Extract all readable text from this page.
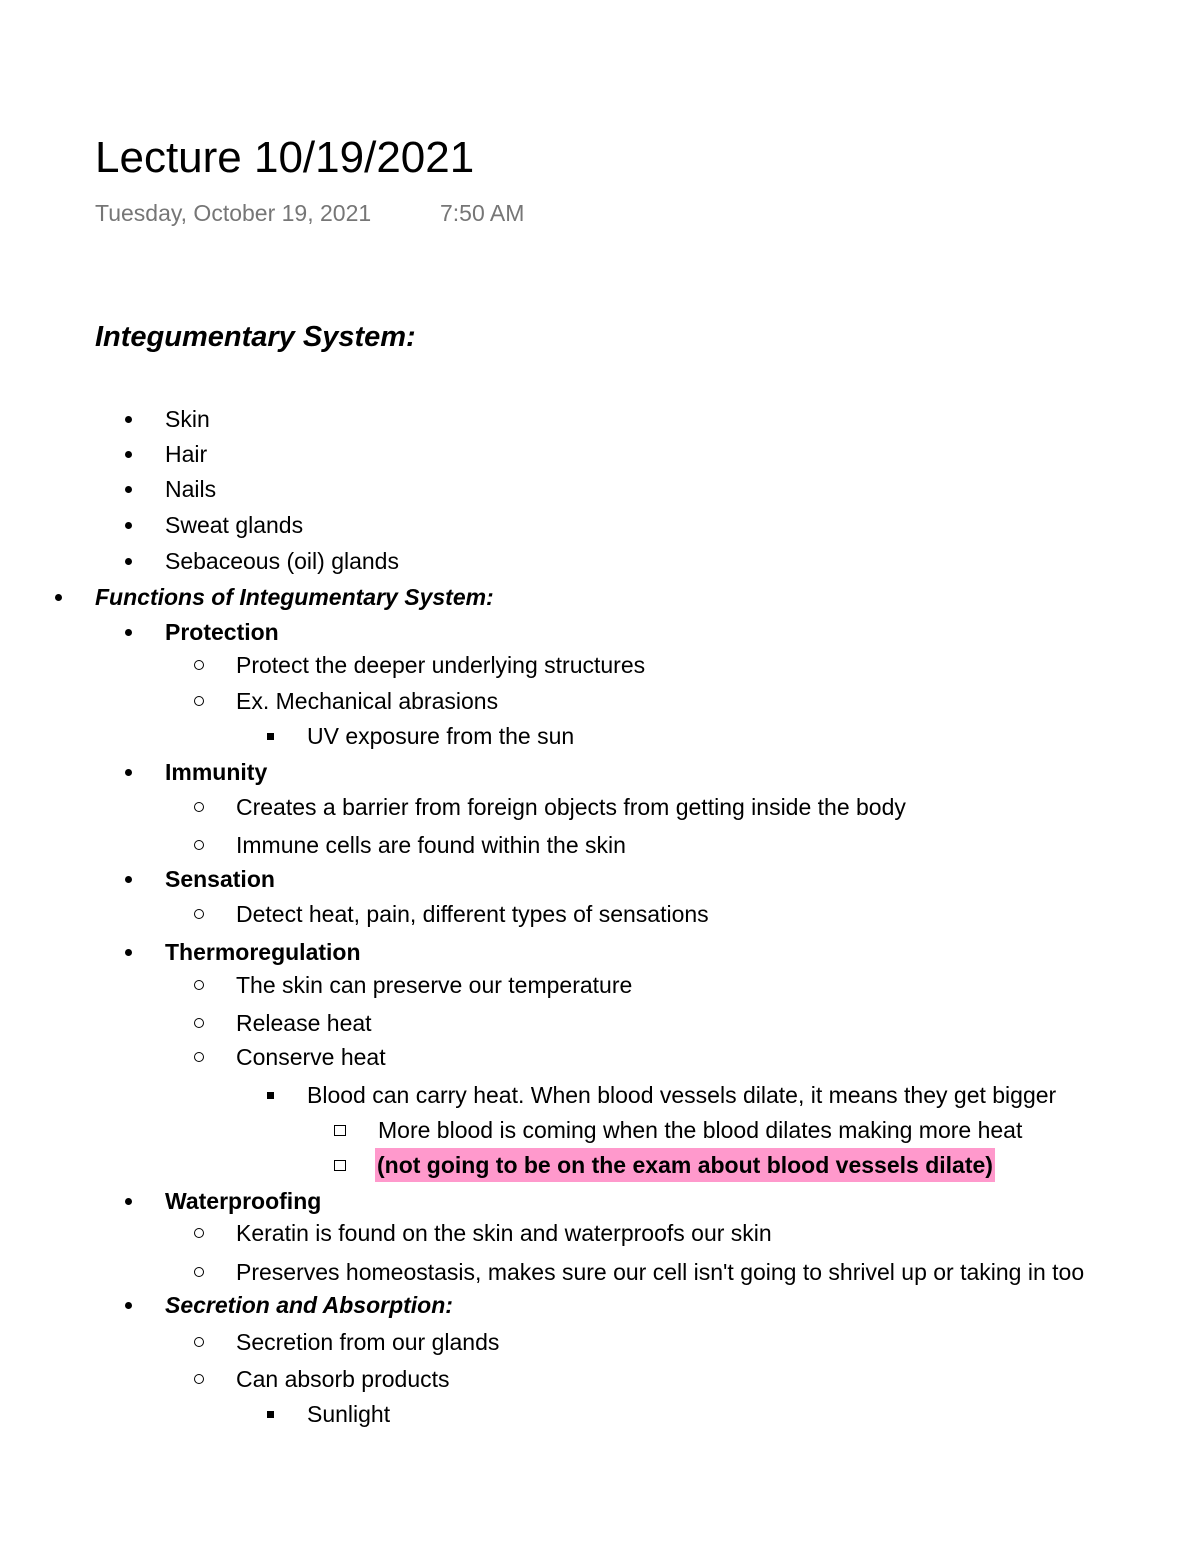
Lecture 10/19/2021
Tuesday, October 19, 2021	7:50 AM
Integumentary System:
Skin
Hair
Nails
Sweat glands
Sebaceous (oil) glands
Functions of Integumentary System:
Protection
Protect the deeper underlying structures
Ex. Mechanical abrasions
UV exposure from the sun
Immunity
Creates a barrier from foreign objects from getting inside the body
Immune cells are found within the skin
Sensation
Detect heat, pain, different types of sensations
Thermoregulation
The skin can preserve our temperature
Release heat
Conserve heat
Blood can carry heat. When blood vessels dilate, it means they get bigger
More blood is coming when the blood dilates making more heat
(not going to be on the exam about blood vessels dilate)
Waterproofing
Keratin is found on the skin and waterproofs our skin
Preserves homeostasis, makes sure our cell isn't going to shrivel up or taking in too
Secretion and Absorption:
Secretion from our glands
Can absorb products
Sunlight
